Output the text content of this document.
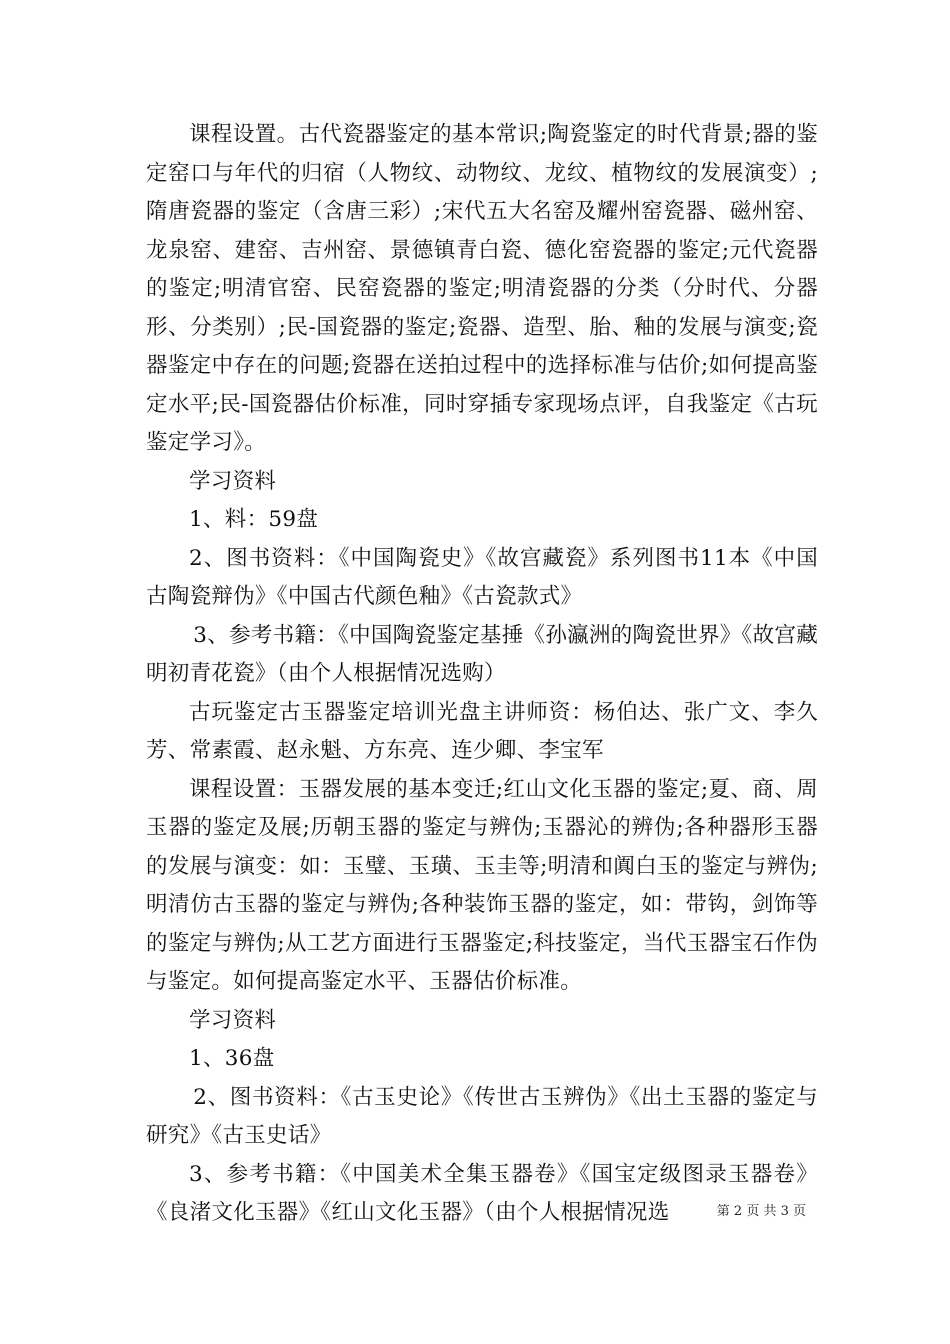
课程设置。古代瓷器鉴定的基本常识;陶瓷鉴定的时代背景;器的鉴定窑口与年代的归宿（人物纹、动物纹、龙纹、植物纹的发展演变）;隋唐瓷器的鉴定（含唐三彩）;宋代五大名窑及耀州窑瓷器、磁州窑、龙泉窑、建窑、吉州窑、景德镇青白瓷、德化窑瓷器的鉴定;元代瓷器的鉴定;明清官窑、民窑瓷器的鉴定;明清瓷器的分类（分时代、分器形、分类别）;民-国瓷器的鉴定;瓷器、造型、胎、釉的发展与演变;瓷器鉴定中存在的问题;瓷器在送拍过程中的选择标准与估价;如何提高鉴定水平;民-国瓷器估价标准，同时穿插专家现场点评，自我鉴定《古玩鉴定学习》。

学习资料

1、料：59盘

2、图书资料：《中国陶瓷史》《故宫藏瓷》系列图书11本《中国古陶瓷辩伪》《中国古代颜色釉》《古瓷款式》

3、参考书籍：《中国陶瓷鉴定基捶《孙瀛洲的陶瓷世界》《故宫藏明初青花瓷》（由个人根据情况选购）

古玩鉴定古玉器鉴定培训光盘主讲师资：杨伯达、张广文、李久芳、常素霞、赵永魁、方东亮、连少卿、李宝军

课程设置：玉器发展的基本变迁;红山文化玉器的鉴定;夏、商、周玉器的鉴定及展;历朝玉器的鉴定与辨伪;玉器沁的辨伪;各种器形玉器的发展与演变：如：玉璧、玉璜、玉圭等;明清和阗白玉的鉴定与辨伪;明清仿古玉器的鉴定与辨伪;各种装饰玉器的鉴定，如：带钩，剑饰等的鉴定与辨伪;从工艺方面进行玉器鉴定;科技鉴定，当代玉器宝石作伪与鉴定。如何提高鉴定水平、玉器估价标准。

学习资料

1、36盘

2、图书资料：《古玉史论》《传世古玉辨伪》《出土玉器的鉴定与研究》《古玉史话》

3、参考书籍：《中国美术全集玉器卷》《国宝定级图录玉器卷》《良渚文化玉器》《红山文化玉器》（由个人根据情况选	第 2 页 共 3 页
